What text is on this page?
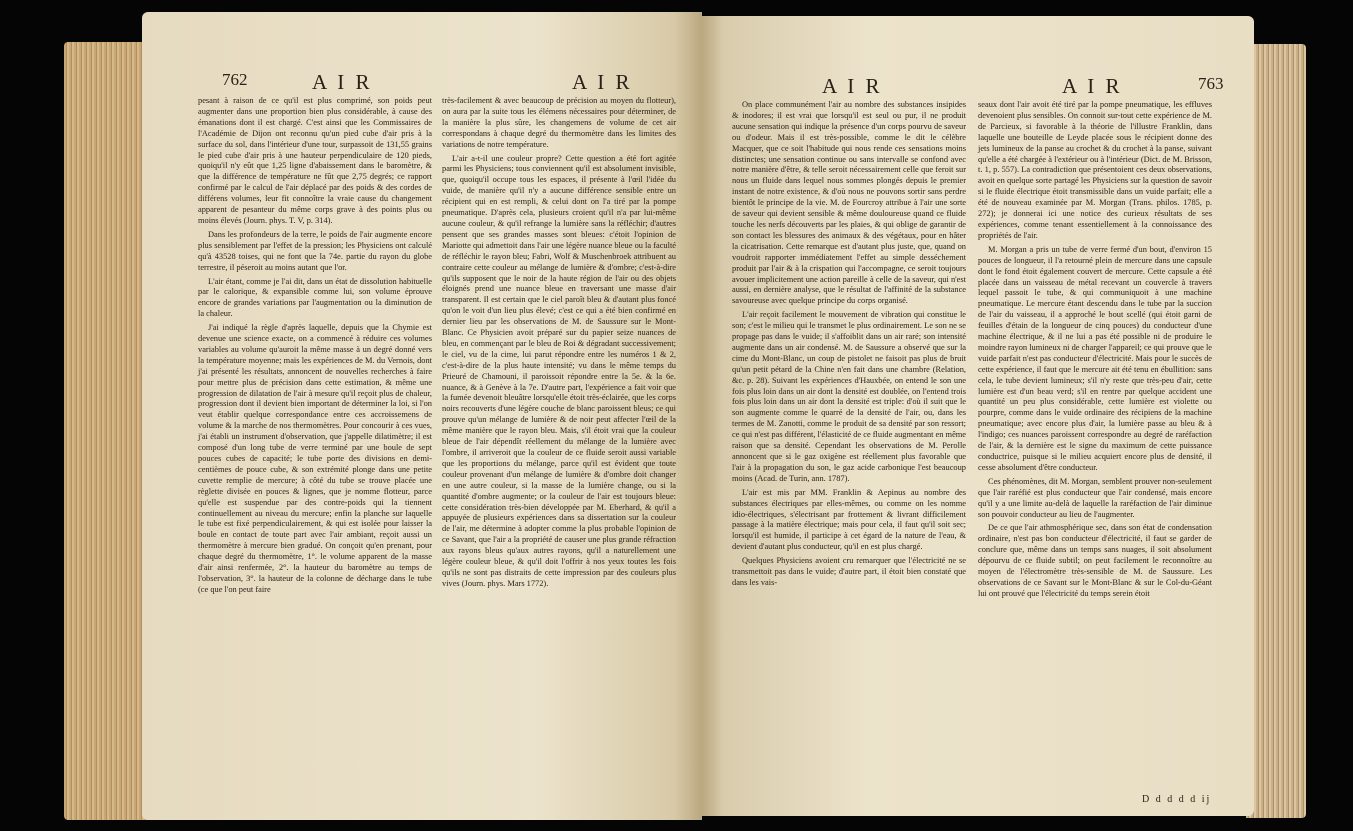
762	A I R	A I R

pesant à raison de ce qu'il est plus comprimé, son poids peut augmenter dans une proportion bien plus considérable, à cause des émanations dont il est chargé. C'est ainsi que les Commissaires de l'Académie de Dijon ont reconnu qu'un pied cube d'air pris à la surface du sol, dans l'intérieur d'une tour, surpassoit de 131,55 grains le pied cube d'air pris à une hauteur perpendiculaire de 120 pieds, quoiqu'il n'y eût que 1,25 ligne d'abaissement dans le baromètre, & que la différence de température ne fût que 2,75 degrés; ce rapport confirmé par le calcul de l'air déplacé par des poids & des cordes de différens volumes, leur fit connoître la vraie cause du changement apparent de pesanteur du même corps grave à des points plus ou moins élevés (Journ. phys. T. V, p. 314).

Dans les profondeurs de la terre, le poids de l'air augmente encore plus sensiblement par l'effet de la pression; les Physiciens ont calculé qu'à 43528 toises, qui ne font que la 74e. partie du rayon du globe terrestre, il péseroit au moins autant que l'or.

L'air étant, comme je l'ai dit, dans un état de dissolution habituelle par le calorique, & expansible comme lui, son volume éprouve encore de grandes variations par l'augmentation ou la diminution de la chaleur.

J'ai indiqué la règle d'après laquelle, depuis que la Chymie est devenue une science exacte, on a commencé à réduire ces volumes variables au volume qu'auroit la même masse à un degré donné vers la température moyenne; mais les expériences de M. du Vernois, dont j'ai présenté les résultats, annoncent de nouvelles recherches à faire pour mettre plus de précision dans cette estimation, & même une progression de dilatation de l'air à mesure qu'il reçoit plus de chaleur, progression dont il devient bien important de déterminer la loi, si l'on veut établir quelque correspondance entre ces accroissemens de volume & la marche de nos thermomètres. Pour concourir à ces vues, j'ai établi un instrument d'observation, que j'appelle dilatimètre; il est composé d'un long tube de verre terminé par une boule de sept pouces cubes de capacité; le tube porte des divisions en demi-centièmes de pouce cube, & son extrémité plonge dans une petite cuvette remplie de mercure; à côté du tube se trouve placée une règlette divisée en pouces & lignes, que je nomme flotteur, parce qu'elle est suspendue par des contre-poids qui la tiennent continuellement au niveau du mercure; enfin la planche sur laquelle le tube est fixé perpendiculairement, & qui est isolée pour laisser la boule en contact de toute part avec l'air ambiant, reçoit aussi un thermomètre à mercure bien gradué. On conçoit qu'en prenant, pour chaque degré du thermomètre, 1°. le volume apparent de la masse d'air ainsi renfermée, 2°. la hauteur du baromètre au temps de l'observation, 3°. la hauteur de la colonne de décharge dans le tube (ce que l'on peut faire

très-facilement & avec beaucoup de précision au moyen du flotteur), on aura par la suite tous les élémens nécessaires pour déterminer, de la manière la plus sûre, les changemens de volume de cet air correspondans à chaque degré du thermomètre dans les limites des variations de notre température.

L'air a-t-il une couleur propre? Cette question a été fort agitée parmi les Physiciens; tous conviennent qu'il est absolument invisible, que, quoiqu'il occupe tous les espaces, il présente à l'œil l'idée du vuide, de manière qu'il n'y a aucune différence sensible entre un récipient qui en est rempli, & celui dont on l'a tiré par la pompe pneumatique. D'après cela, plusieurs croient qu'il n'a par lui-même aucune couleur, & qu'il refrange la lumière sans la réfléchir; d'autres pensent que ses grandes masses sont bleues: c'étoit l'opinion de Mariotte qui admettoit dans l'air une légère nuance bleue ou la faculté de réfléchir le rayon bleu; Fabri, Wolf & Muschenbroek attribuent au contraire cette couleur au mélange de lumière & d'ombre; c'est-à-dire qu'ils supposent que le noir de la haute région de l'air ou des objets éloignés prend une nuance bleue en traversant une masse d'air transparent. Il est certain que le ciel paroît bleu & d'autant plus foncé qu'on le voit d'un lieu plus élevé; c'est ce qui a été bien confirmé en dernier lieu par les observations de M. de Saussure sur le Mont-Blanc. Ce Physicien avoit préparé sur du papier seize nuances de bleu, en commençant par le bleu de Roi & dégradant successivement; le ciel, vu de la cime, lui parut répondre entre les numéros 1 & 2, c'est-à-dire de la plus haute intensité; vu dans le même temps du Prieuré de Chamouni, il paroissoit répondre entre la 5e. & la 6e. nuance, & à Genève à la 7e. D'autre part, l'expérience a fait voir que la fumée devenoit bleuâtre lorsqu'elle étoit très-éclairée, que les corps noirs recouverts d'une légère couche de blanc paroissent bleus; ce qui prouve qu'un mélange de lumière & de noir peut affecter l'œil de la même manière que le rayon bleu. Mais, s'il étoit vrai que la couleur bleue de l'air dépendît réellement du mélange de la lumière avec l'ombre, il arriveroit que la couleur de ce fluide seroit aussi variable que les proportions du mélange, parce qu'il est évident que toute couleur provenant d'un mélange de lumière & d'ombre doit changer en une autre couleur, si la masse de la lumière change, ou si la quantité d'ombre augmente; or la couleur de l'air est toujours bleue: cette considération très-bien développée par M. Eberhard, & qu'il a appuyée de plusieurs expériences dans sa dissertation sur la couleur de l'air, me détermine à adopter comme la plus probable l'opinion de ce Savant, que l'air a la propriété de causer une plus grande réfraction aux rayons bleus qu'aux autres rayons, qu'il a naturellement une légère couleur bleue, & qu'il doit l'offrir à nos yeux toutes les fois qu'ils ne sont pas distraits de cette impression par des couleurs plus vives (Journ. phys. Mars 1772).

A I R	A I R	763

On place communément l'air au nombre des substances insipides & inodores; il est vrai que lorsqu'il est seul ou pur, il ne produit aucune sensation qui indique la présence d'un corps pourvu de saveur ou d'odeur. Mais il est très-possible, comme le dit le célèbre Macquer, que ce soit l'habitude qui nous rende ces sensations moins distinctes; une sensation continue ou sans intervalle se confond avec notre manière d'être, & telle seroit nécessairement celle que feroit sur nous un fluide dans lequel nous sommes plongés depuis le premier instant de notre existence, & d'où nous ne pouvons sortir sans perdre bientôt le principe de la vie. M. de Fourcroy attribue à l'air une sorte de saveur qui devient sensible & même douloureuse quand ce fluide touche les nerfs découverts par les plaies, & qui oblige de garantir de son contact les blessures des animaux & des végétaux, pour en hâter la cicatrisation. Cette remarque est d'autant plus juste, que, quand on voudroit rapporter immédiatement l'effet au simple desséchement produit par l'air & à la crispation qui l'accompagne, ce seroit toujours avouer implicitement une action pareille à celle de la saveur, qui n'est aussi, en dernière analyse, que le résultat de l'affinité de la substance savoureuse avec quelque principe du corps organisé.

L'air reçoit facilement le mouvement de vibration qui constitue le son; c'est le milieu qui le transmet le plus ordinairement. Le son ne se propage pas dans le vuide; il s'affoiblit dans un air raré; son intensité augmente dans un air condensé. M. de Saussure a observé que sur la cime du Mont-Blanc, un coup de pistolet ne faisoit pas plus de bruit qu'un petit pétard de la Chine n'en fait dans une chambre (Relation, &c. p. 28). Suivant les expériences d'Hauxbée, on entend le son une fois plus loin dans un air dont la densité est doublée, on l'entend trois fois plus loin dans un air dont la densité est triple: d'où il suit que le son augmente comme le quarré de la densité de l'air, ou, dans les termes de M. Zanotti, comme le produit de sa densité par son ressort; ce qui n'est pas différent, l'élasticité de ce fluide augmentant en même raison que sa densité. Cependant les observations de M. Perolle annoncent que si le gaz oxigène est réellement plus favorable que l'air à la propagation du son, le gaz acide carbonique l'est beaucoup moins (Acad. de Turin, ann. 1787).

L'air est mis par MM. Franklin & Aepinus au nombre des substances électriques par elles-mêmes, ou comme on les nomme idio-électriques, s'électrisant par frottement & livrant difficilement passage à la matière électrique; mais pour cela, il faut qu'il soit sec; lorsqu'il est humide, il participe à cet égard de la nature de l'eau, & devient d'autant plus conducteur, qu'il en est plus chargé.

Quelques Physiciens avoient cru remarquer que l'électricité ne se transmettoit pas dans le vuide; d'autre part, il étoit bien constaté que dans les vais-

seaux dont l'air avoit été tiré par la pompe pneumatique, les effluves devenoient plus sensibles. On connoit sur-tout cette expérience de M. de Parcieux, si favorable à la théorie de l'illustre Franklin, dans laquelle une bouteille de Leyde placée sous le récipient donne des jets lumineux de la panse au crochet & du crochet à la panse, suivant qu'elle a été chargée à l'extérieur ou à l'intérieur (Dict. de M. Brisson, t. 1, p. 557). La contradiction que présentoient ces deux observations, avoit en quelque sorte partagé les Physiciens sur la question de savoir si le fluide électrique étoit transmissible dans un vuide parfait; elle a été de nouveau examinée par M. Morgan (Trans. philos. 1785, p. 272); je donnerai ici une notice des curieux résultats de ses expériences, comme tenant essentiellement à la connoissance des propriétés de l'air.

M. Morgan a pris un tube de verre fermé d'un bout, d'environ 15 pouces de longueur, il l'a retourné plein de mercure dans une capsule dont le fond étoit également couvert de mercure. Cette capsule a été placée dans un vaisseau de métal recevant un couvercle à travers lequel passoit le tube, & qui communiquoit à une machine pneumatique. Le mercure étant descendu dans le tube par la succion de l'air du vaisseau, il a approché le bout scellé (qui étoit garni de feuilles d'étain de la longueur de cinq pouces) du conducteur d'une machine électrique, & il ne lui a pas été possible ni de produire le moindre rayon lumineux ni de charger l'appareil; ce qui prouve que le vuide parfait n'est pas conducteur d'électricité. Mais pour le succès de cette expérience, il faut que le mercure ait été tenu en ébullition: sans cela, le tube devient lumineux; s'il n'y reste que très-peu d'air, cette lumière est d'un beau verd; s'il en rentre par quelque accident une quantité un peu plus considérable, cette lumière est violette ou pourpre, comme dans le vuide ordinaire des récipiens de la machine pneumatique; avec encore plus d'air, la lumière passe au bleu & à l'indigo; ces nuances paroissent correspondre au degré de raréfaction de l'air, & la dernière est le signe du maximum de cette puissance conductrice, puisque si le milieu acquiert encore plus de densité, il cesse absolument d'être conducteur.

Ces phénomènes, dit M. Morgan, semblent prouver non-seulement que l'air raréfié est plus conducteur que l'air condensé, mais encore qu'il y a une limite au-delà de laquelle la raréfaction de l'air diminue son pouvoir conducteur au lieu de l'augmenter.

De ce que l'air athmosphérique sec, dans son état de condensation ordinaire, n'est pas bon conducteur d'électricité, il faut se garder de conclure que, même dans un temps sans nuages, il soit absolument dépourvu de ce fluide subtil; on peut facilement le reconnoître au moyen de l'électromètre très-sensible de M. de Saussure. Les observations de ce Savant sur le Mont-Blanc & sur le Col-du-Géant lui ont prouvé que l'électricité du temps serein étoit

D d d d d ij
